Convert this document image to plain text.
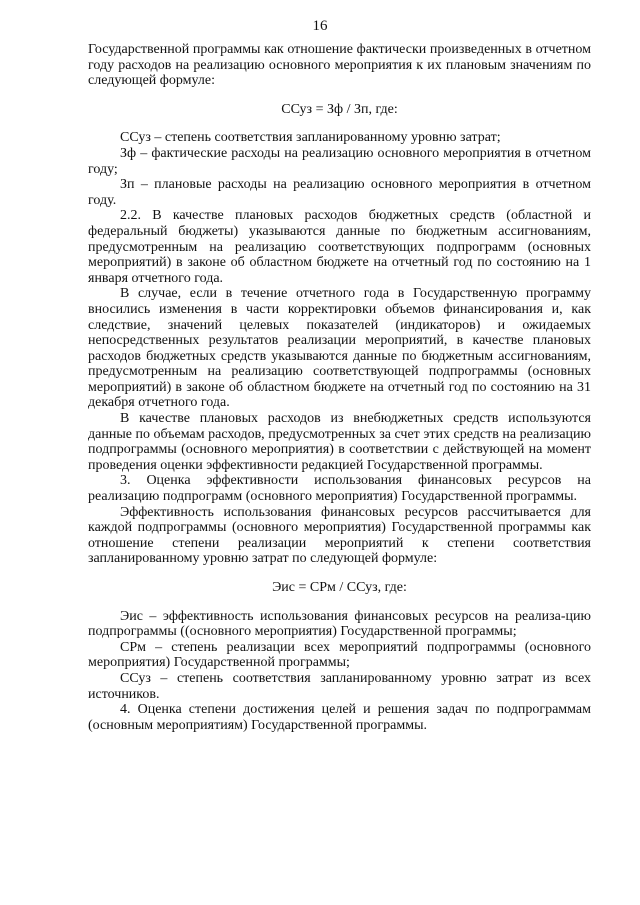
16

Государственной программы как отношение фактически произведенных в отчетном году расходов на реализацию основного мероприятия к их плановым значениям по следующей формуле:

ССуз = Зф / Зп, где:

ССуз – степень соответствия запланированному уровню затрат;

Зф – фактические расходы на реализацию основного мероприятия в отчетном году;

Зп – плановые расходы на реализацию основного мероприятия в отчетном году.

2.2. В качестве плановых расходов бюджетных средств (областной и федеральный бюджеты) указываются данные по бюджетным ассигнованиям, предусмотренным на реализацию соответствующих подпрограмм (основных мероприятий) в законе об областном бюджете на отчетный год по состоянию на 1 января отчетного года.

В случае, если в течение отчетного года в Государственную программу вносились изменения в части корректировки объемов финансирования и, как следствие, значений целевых показателей (индикаторов) и ожидаемых непосредственных результатов реализации мероприятий, в качестве плановых расходов бюджетных средств указываются данные по бюджетным ассигнованиям, предусмотренным на реализацию соответствующей подпрограммы (основных мероприятий) в законе об областном бюджете на отчетный год по состоянию на 31 декабря отчетного года.

В качестве плановых расходов из внебюджетных средств используются данные по объемам расходов, предусмотренных за счет этих средств на реализацию подпрограммы (основного мероприятия) в соответствии с действующей на момент проведения оценки эффективности редакцией Государственной программы.

3. Оценка эффективности использования финансовых ресурсов на реализацию подпрограмм (основного мероприятия) Государственной программы.

Эффективность использования финансовых ресурсов рассчитывается для каждой подпрограммы (основного мероприятия) Государственной программы как отношение степени реализации мероприятий к степени соответствия запланированному уровню затрат по следующей формуле:

Эис = СРм / ССуз, где:

Эис – эффективность использования финансовых ресурсов на реализа-цию подпрограммы ((основного мероприятия) Государственной программы;

СРм – степень реализации всех мероприятий подпрограммы (основного мероприятия) Государственной программы;

ССуз – степень соответствия запланированному уровню затрат из всех источников.

4. Оценка степени достижения целей и решения задач по подпрограммам (основным мероприятиям) Государственной программы.
